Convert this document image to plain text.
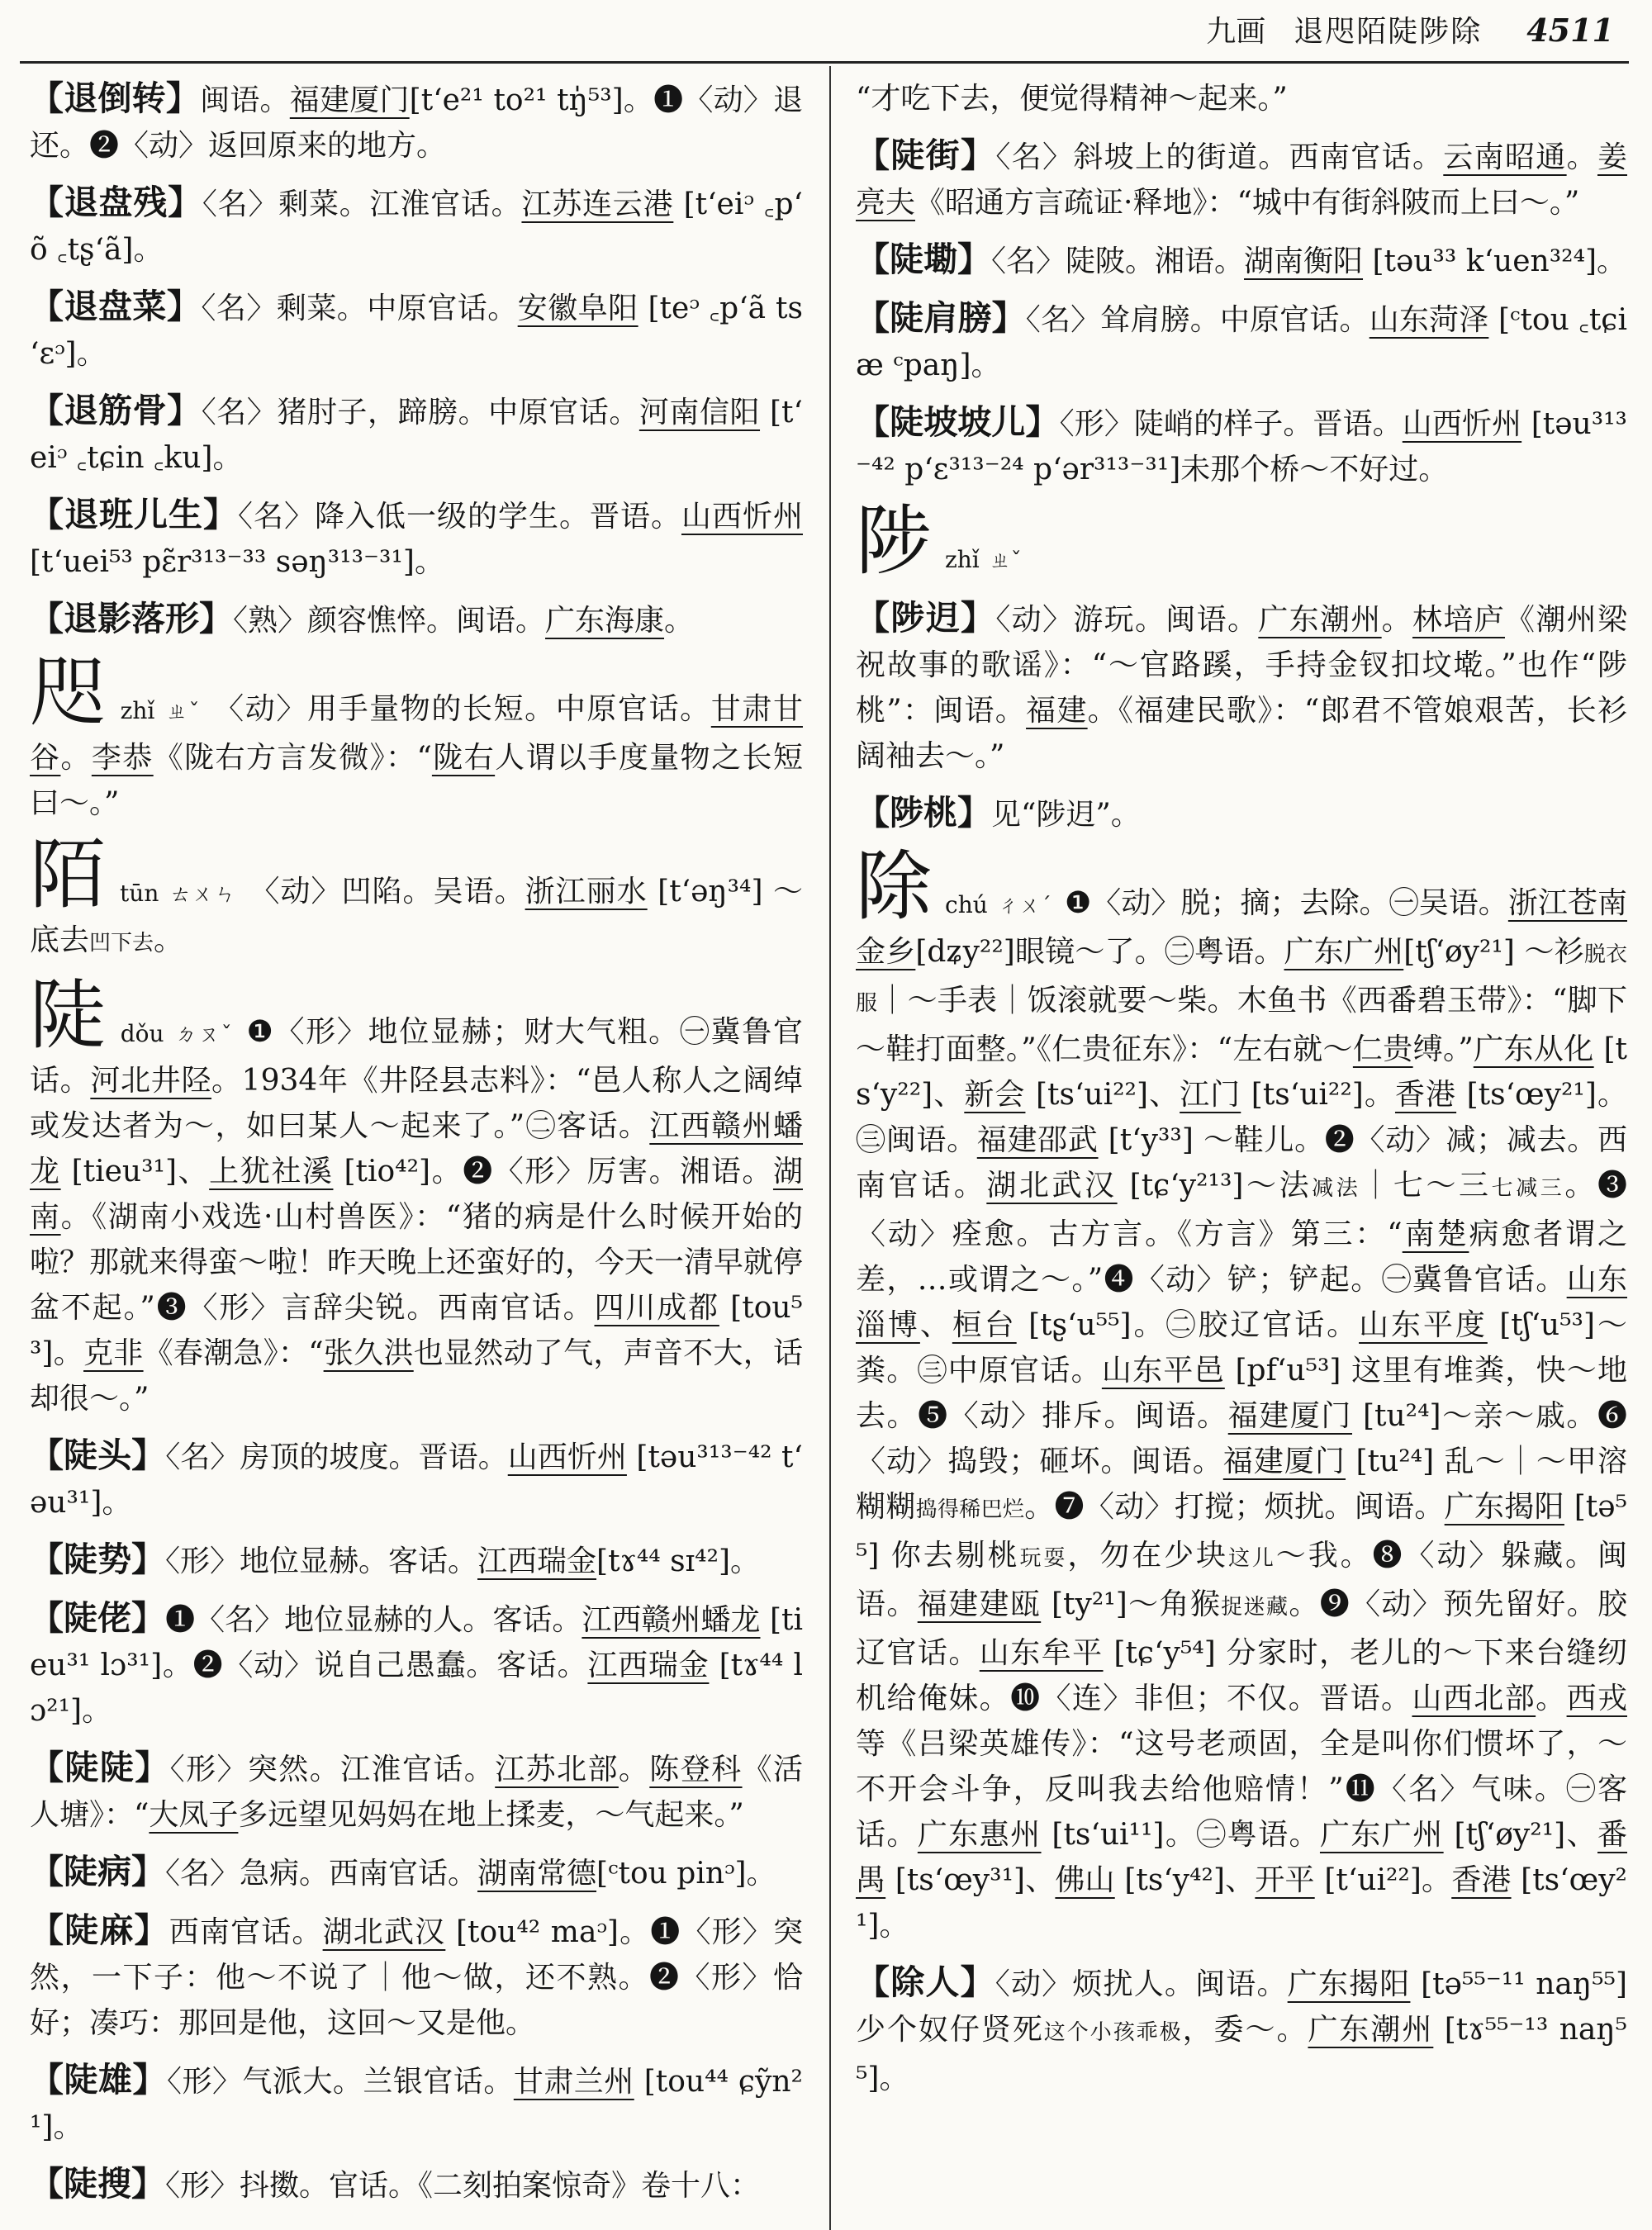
九画 退咫陌陡陟除 4511

【退倒转】闽语。福建厦门[tʻe²¹ to²¹ tŋ̍⁵³]。❶〈动〉退还。❷〈动〉返回原来的地方。

【退盘残】〈名〉剩菜。江淮官话。江苏连云港 [tʻeiᵓ ꜀pʻõ ꜀tʂʻã]。

【退盘菜】〈名〉剩菜。中原官话。安徽阜阳 [teᵓ ꜀pʻã tsʻɛᵓ]。

【退筋骨】〈名〉猪肘子，蹄膀。中原官话。河南信阳 [tʻeiᵓ ꜀tɕin ꜀ku]。

【退班儿生】〈名〉降入低一级的学生。晋语。山西忻州 [tʻuei⁵³ pɛ̃r³¹³⁻³³ səŋ³¹³⁻³¹]。

【退影落形】〈熟〉颜容憔悴。闽语。广东海康。

咫zhǐ ㄓˇ 〈动〉用手量物的长短。中原官话。甘肃甘谷。李恭《陇右方言发微》：“陇右人谓以手度量物之长短曰～。”

陌tūn ㄊㄨㄣ 〈动〉凹陷。吴语。浙江丽水 [tʻəŋ³⁴] ～底去凹下去。

陡dǒu ㄉㄡˇ ❶〈形〉地位显赫；财大气粗。㊀冀鲁官话。河北井陉。1934年《井陉县志料》：“邑人称人之阔绰或发达者为～，如曰某人～起来了。”㊁客话。江西赣州蟠龙 [tieu³¹]、上犹社溪 [tio⁴²]。❷〈形〉厉害。湘语。湖南。《湖南小戏选·山村兽医》：“猪的病是什么时候开始的啦？那就来得蛮～啦！昨天晚上还蛮好的，今天一清早就停盆不起。”❸〈形〉言辞尖锐。西南官话。四川成都 [tou⁵³]。克非《春潮急》：“张久洪也显然动了气，声音不大，话却很～。”

【陡头】〈名〉房顶的坡度。晋语。山西忻州 [təu³¹³⁻⁴² tʻəu³¹]。

【陡势】〈形〉地位显赫。客话。江西瑞金[tɤ⁴⁴ sɪ⁴²]。

【陡佬】❶〈名〉地位显赫的人。客话。江西赣州蟠龙 [tieu³¹ lɔ³¹]。❷〈动〉说自己愚蠢。客话。江西瑞金 [tɤ⁴⁴ lɔ²¹]。

【陡陡】〈形〉突然。江淮官话。江苏北部。陈登科《活人塘》：“大凤子多远望见妈妈在地上揉麦，～气起来。”

【陡病】〈名〉急病。西南官话。湖南常德[ᶜtou pinᵓ]。

【陡麻】西南官话。湖北武汉 [tou⁴² maᵓ]。❶〈形〉突然，一下子：他～不说了｜他～做，还不熟。❷〈形〉恰好；凑巧：那回是他，这回～又是他。

【陡雄】〈形〉气派大。兰银官话。甘肃兰州 [tou⁴⁴ ɕỹn²¹]。

【陡搜】〈形〉抖擞。官话。《二刻拍案惊奇》卷十八：

“才吃下去，便觉得精神～起来。”

【陡街】〈名〉斜坡上的街道。西南官话。云南昭通。姜亮夫《昭通方言疏证·释地》：“城中有街斜陂而上曰～。”

【陡墈】〈名〉陡陂。湘语。湖南衡阳 [təu³³ kʻuen³²⁴]。

【陡肩膀】〈名〉耸肩膀。中原官话。山东菏泽 [ᶜtou ꜀tɕiæ ᶜpaŋ]。

【陡坡坡儿】〈形〉陡峭的样子。晋语。山西忻州 [təu³¹³⁻⁴² pʻɛ³¹³⁻²⁴ pʻər³¹³⁻³¹]未那个桥～不好过。

陟zhǐ ㄓˇ

【陟迌】〈动〉游玩。闽语。广东潮州。林培庐《潮州梁祝故事的歌谣》：“～官路蹊，手持金钗扣坟墘。”也作“陟桃”：闽语。福建。《福建民歌》：“郎君不管娘艰苦，长衫阔袖去～。”

【陟桃】见“陟迌”。

除chú ㄔㄨˊ ❶〈动〉脱；摘；去除。㊀吴语。浙江苍南金乡[dʑy²²]眼镜～了。㊁粤语。广东广州[tʃʻøy²¹] ～衫脱衣服｜～手表｜饭滚就要～柴。木鱼书《西番碧玉带》：“脚下～鞋打面整。”《仁贵征东》：“左右就～仁贵缚。”广东从化 [tsʻy²²]、新会 [tsʻui²²]、江门 [tsʻui²²]。香港 [tsʻœy²¹]。㊂闽语。福建邵武 [tʻy³³] ～鞋儿。❷〈动〉减；减去。西南官话。湖北武汉 [tɕʻy²¹³]～法减法｜七～三七减三。❸〈动〉痊愈。古方言。《方言》第三：“南楚病愈者谓之差，…或谓之～。”❹〈动〉铲；铲起。㊀冀鲁官话。山东淄博、桓台 [tʂʻu⁵⁵]。㊁胶辽官话。山东平度 [tʃʻu⁵³]～粪。㊂中原官话。山东平邑 [pfʻu⁵³] 这里有堆粪，快～地去。❺〈动〉排斥。闽语。福建厦门 [tu²⁴]～亲～戚。❻〈动〉捣毁；砸坏。闽语。福建厦门 [tu²⁴] 乱～｜～甲溶糊糊捣得稀巴烂。❼〈动〉打搅；烦扰。闽语。广东揭阳 [tə⁵⁵] 你去剔桃玩耍，勿在少块这儿～我。❽〈动〉躲藏。闽语。福建建瓯 [ty²¹]～角猴捉迷藏。❾〈动〉预先留好。胶辽官话。山东牟平 [tɕʻy⁵⁴] 分家时，老儿的～下来台缝纫机给俺妹。❿〈连〉非但；不仅。晋语。山西北部。西戎等《吕梁英雄传》：“这号老顽固，全是叫你们惯坏了，～不开会斗争，反叫我去给他赔情！”⓫〈名〉气味。㊀客话。广东惠州 [tsʻui¹¹]。㊁粤语。广东广州 [tʃʻøy²¹]、番禺 [tsʻœy³¹]、佛山 [tsʻy⁴²]、开平 [tʻui²²]。香港 [tsʻœy²¹]。

【除人】〈动〉烦扰人。闽语。广东揭阳 [tə⁵⁵⁻¹¹ naŋ⁵⁵] 少个奴仔贤死这个小孩乖极，委～。广东潮州 [tɤ⁵⁵⁻¹³ naŋ⁵⁵]。
